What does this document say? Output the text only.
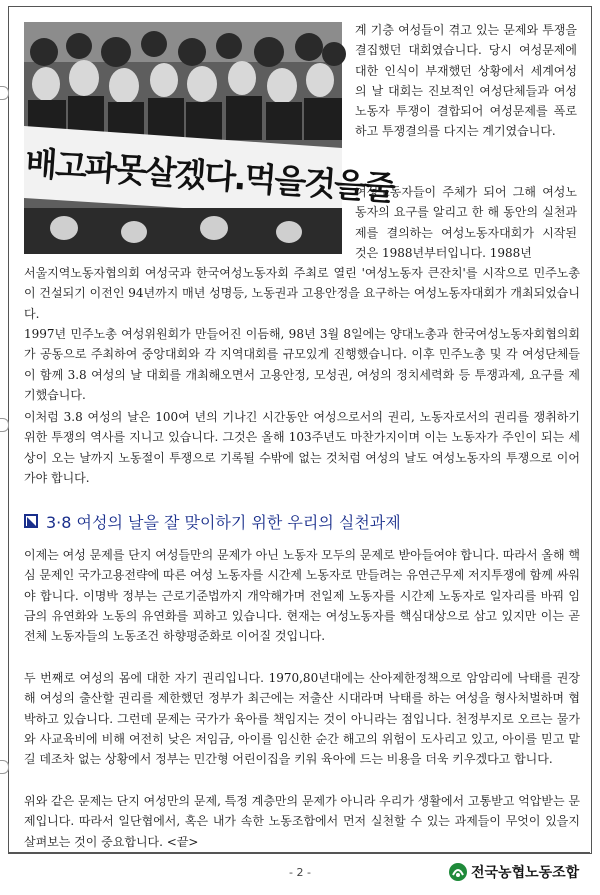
배고파못살겠다.먹을것을줄
계 기층 여성들이 겪고 있는 문제와 투쟁을 결집했던 대회였습니다. 당시 여성문제에 대한 인식이 부재했던 상황에서 세계여성의 날 대회는 진보적인 여성단체들과 여성노동자 투쟁이 결합되어 여성문제를 폭로하고 투쟁결의를 다지는 계기였습니다.
여성노동자들이 주체가 되어 그해 여성노동자의 요구를 알리고 한 해 동안의 실천과제를 결의하는 여성노동자대회가 시작된 것은 1988년부터입니다. 1988년
서울지역노동자협의회 여성국과 한국여성노동자회 주최로 열린 '여성노동자 큰잔치'를 시작으로 민주노총이 건설되기 이전인 94년까지 매년 성명등, 노동권과 고용안정을 요구하는 여성노동자대회가 개최되었습니다.
1997년 민주노총 여성위원회가 만들어진 이듬해, 98년 3월 8일에는 양대노총과 한국여성노동자회협의회가 공동으로 주최하여 중앙대회와 각 지역대회를 규모있게 진행했습니다. 이후 민주노총 및 각 여성단체들이 함께 3.8 여성의 날 대회를 개최해오면서 고용안정, 모성권, 여성의 정치세력화 등 투쟁과제, 요구를 제기했습니다.
이처럼 3.8 여성의 날은 100여 년의 기나긴 시간동안 여성으로서의 권리, 노동자로서의 권리를 쟁취하기 위한 투쟁의 역사를 지니고 있습니다. 그것은 올해 103주년도 마찬가지이며 이는 노동자가 주인이 되는 세상이 오는 날까지 노동절이 투쟁으로 기록될 수밖에 없는 것처럼 여성의 날도 여성노동자의 투쟁으로 이어가야 합니다.
3·8 여성의 날을 잘 맞이하기 위한 우리의 실천과제
이제는 여성 문제를 단지 여성들만의 문제가 아닌 노동자 모두의 문제로 받아들여야 합니다. 따라서 올해 핵심 문제인 국가고용전략에 따른 여성 노동자를 시간제 노동자로 만들려는 유연근무제 저지투쟁에 함께 싸워야 합니다. 이명박 정부는 근로기준법까지 개악해가며 전일제 노동자를 시간제 노동자로 일자리를 바꿔 임금의 유연화와 노동의 유연화를 꾀하고 있습니다. 현재는 여성노동자를 핵심대상으로 삼고 있지만 이는 곧 전체 노동자들의 노동조건 하향평준화로 이어질 것입니다.
두 번째로 여성의 몸에 대한 자기 권리입니다. 1970,80년대에는 산아제한정책으로 암암리에 낙태를 권장해 여성의 출산할 권리를 제한했던 정부가 최근에는 저출산 시대라며 낙태를 하는 여성을 형사처벌하며 협박하고 있습니다. 그런데 문제는 국가가 육아를 책임지는 것이 아니라는 점입니다. 천정부지로 오르는 물가와 사교육비에 비해 여전히 낮은 저임금, 아이를 임신한 순간 해고의 위험이 도사리고 있고, 아이를 믿고 맡길 데조차 없는 상황에서 정부는 민간형 어린이집을 키워 육아에 드는 비용을 더욱 키우겠다고 합니다.
위와 같은 문제는 단지 여성만의 문제, 특정 계층만의 문제가 아니라 우리가 생활에서 고통받고 억압받는 문제입니다. 따라서 일단협에서, 혹은 내가 속한 노동조합에서 먼저 실천할 수 있는 과제들이 무엇이 있을지 살펴보는 것이 중요합니다. <끝>
- 2 -	전국농협노동조합
